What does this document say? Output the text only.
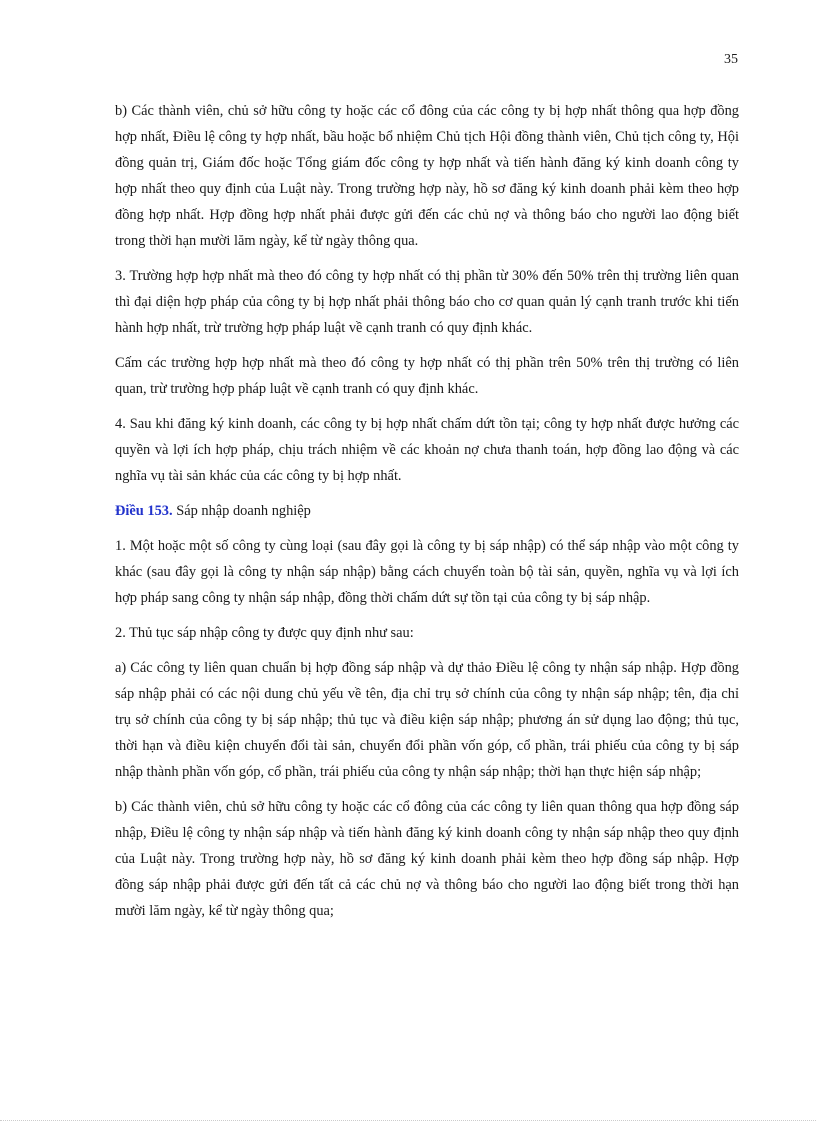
35

b) Các thành viên, chủ sở hữu công ty hoặc các cổ đông của các công ty bị hợp nhất thông qua hợp đồng hợp nhất, Điều lệ công ty hợp nhất, bầu hoặc bổ nhiệm Chủ tịch Hội đồng thành viên, Chủ tịch công ty, Hội đồng quản trị, Giám đốc hoặc Tổng giám đốc công ty hợp nhất và tiến hành đăng ký kinh doanh công ty hợp nhất theo quy định của Luật này. Trong trường hợp này, hồ sơ đăng ký kinh doanh phải kèm theo hợp đồng hợp nhất. Hợp đồng hợp nhất phải được gửi đến các chủ nợ và thông báo cho người lao động biết trong thời hạn mười lăm ngày, kể từ ngày thông qua.

3. Trường hợp hợp nhất mà theo đó công ty hợp nhất có thị phần từ 30% đến 50% trên thị trường liên quan thì đại diện hợp pháp của công ty bị hợp nhất phải thông báo cho cơ quan quản lý cạnh tranh trước khi tiến hành hợp nhất, trừ trường hợp pháp luật về cạnh tranh có quy định khác.

Cấm các trường hợp hợp nhất mà theo đó công ty hợp nhất có thị phần trên 50% trên thị trường có liên quan, trừ trường hợp pháp luật về cạnh tranh có quy định khác.

4. Sau khi đăng ký kinh doanh, các công ty bị hợp nhất chấm dứt tồn tại; công ty hợp nhất được hưởng các quyền và lợi ích hợp pháp, chịu trách nhiệm về các khoản nợ chưa thanh toán, hợp đồng lao động và các nghĩa vụ tài sản khác của các công ty bị hợp nhất.

Điều 153. Sáp nhập doanh nghiệp

1. Một hoặc một số công ty cùng loại (sau đây gọi là công ty bị sáp nhập) có thể sáp nhập vào một công ty khác (sau đây gọi là công ty nhận sáp nhập) bằng cách chuyển toàn bộ tài sản, quyền, nghĩa vụ và lợi ích hợp pháp sang công ty nhận sáp nhập, đồng thời chấm dứt sự tồn tại của công ty bị sáp nhập.

2. Thủ tục sáp nhập công ty được quy định như sau:

a) Các công ty liên quan chuẩn bị hợp đồng sáp nhập và dự thảo Điều lệ công ty nhận sáp nhập. Hợp đồng sáp nhập phải có các nội dung chủ yếu về tên, địa chỉ trụ sở chính của công ty nhận sáp nhập; tên, địa chỉ trụ sở chính của công ty bị sáp nhập; thủ tục và điều kiện sáp nhập; phương án sử dụng lao động; thủ tục, thời hạn và điều kiện chuyển đổi tài sản, chuyển đổi phần vốn góp, cổ phần, trái phiếu của công ty bị sáp nhập thành phần vốn góp, cổ phần, trái phiếu của công ty nhận sáp nhập; thời hạn thực hiện sáp nhập;

b) Các thành viên, chủ sở hữu công ty hoặc các cổ đông của các công ty liên quan thông qua hợp đồng sáp nhập, Điều lệ công ty nhận sáp nhập và tiến hành đăng ký kinh doanh công ty nhận sáp nhập theo quy định của Luật này. Trong trường hợp này, hồ sơ đăng ký kinh doanh phải kèm theo hợp đồng sáp nhập. Hợp đồng sáp nhập phải được gửi đến tất cả các chủ nợ và thông báo cho người lao động biết trong thời hạn mười lăm ngày, kể từ ngày thông qua;
